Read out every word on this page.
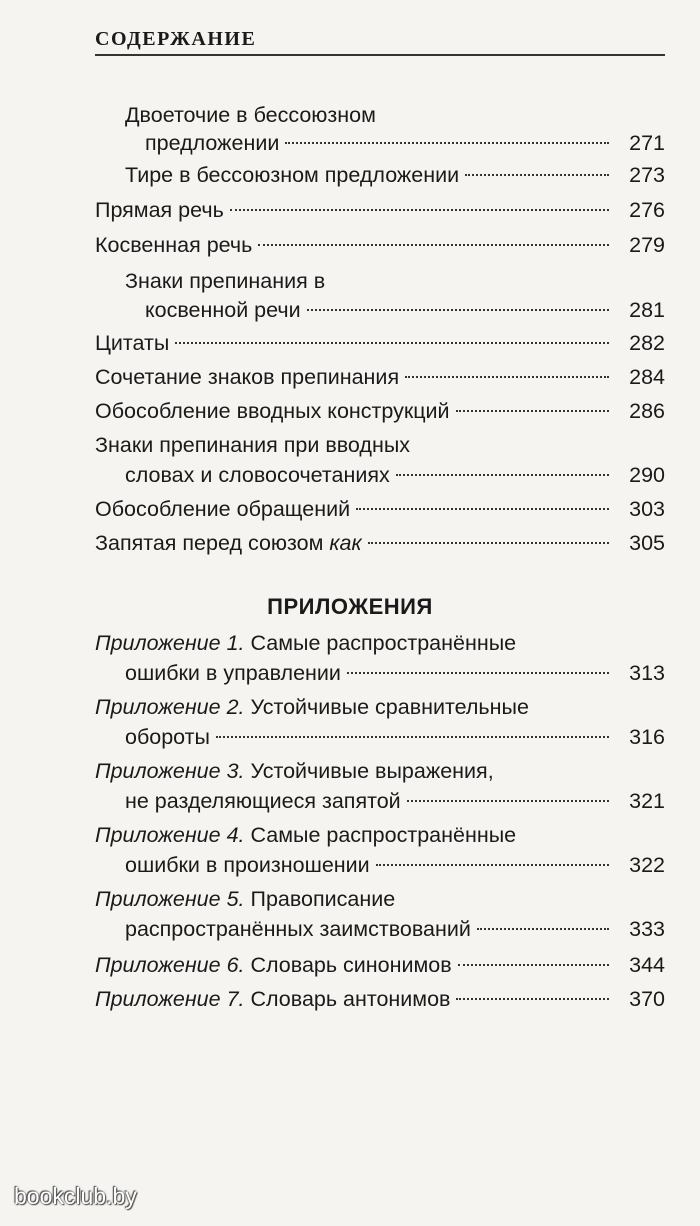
СОДЕРЖАНИЕ
Двоеточие в бессоюзном
предложении	271
Тире в бессоюзном предложении	273
Прямая речь	276
Косвенная речь	279
Знаки препинания в
косвенной речи	281
Цитаты	282
Сочетание знаков препинания	284
Обособление вводных конструкций	286
Знаки препинания при вводных
словах и словосочетаниях	290
Обособление обращений	303
Запятая перед союзом как	305
ПРИЛОЖЕНИЯ
Приложение 1. Самые распространённые
ошибки в управлении	313
Приложение 2. Устойчивые сравнительные
обороты	316
Приложение 3. Устойчивые выражения,
не разделяющиеся запятой	321
Приложение 4. Самые распространённые
ошибки в произношении	322
Приложение 5. Правописание
распространённых заимствований	333
Приложение 6. Словарь синонимов	344
Приложение 7. Словарь антонимов	370
bookclub.by
